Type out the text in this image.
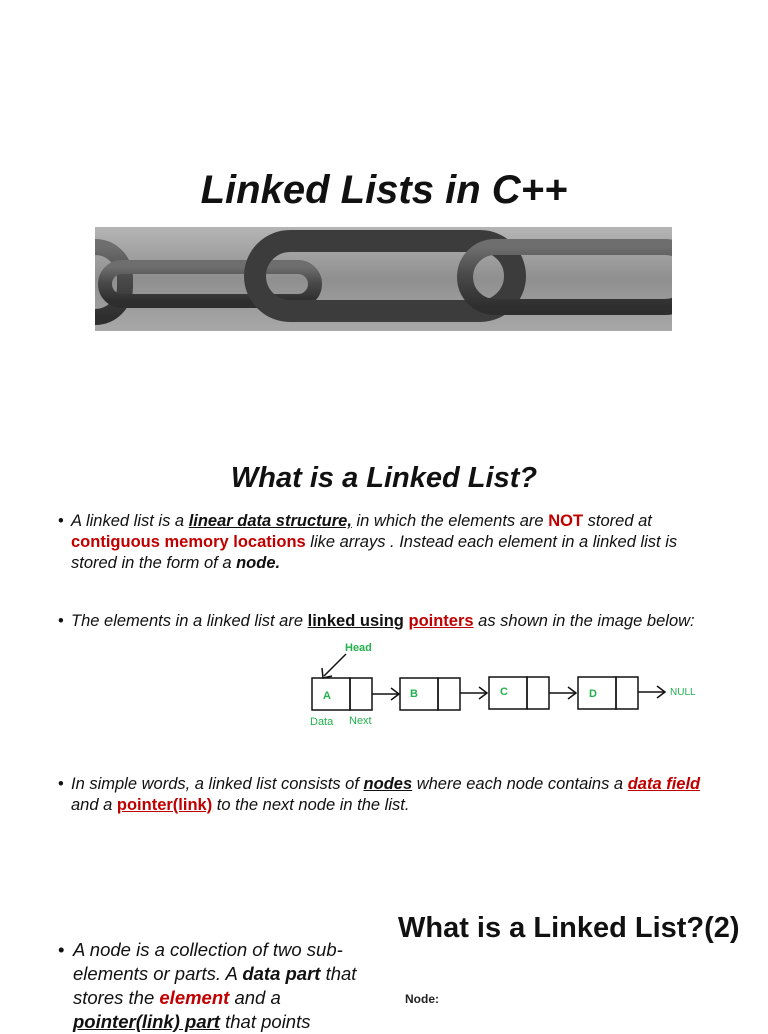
Linked Lists in C++
What is a Linked List?
• A linked list is a linear data structure, in which the elements are NOT stored at contiguous memory locations like arrays . Instead each element in a linked list is stored in the form of a node.
• The elements in a linked list are linked using pointers as shown in the image below:
Head
A	B	C	D	NULL
Data Next
• In simple words, a linked list consists of nodes where each node contains a data field and a pointer(link) to the next node in the list.
What is a Linked List?(2)
• A node is a collection of two sub-elements or parts. A data part that stores the element and a pointer(link) part that points
Node:
